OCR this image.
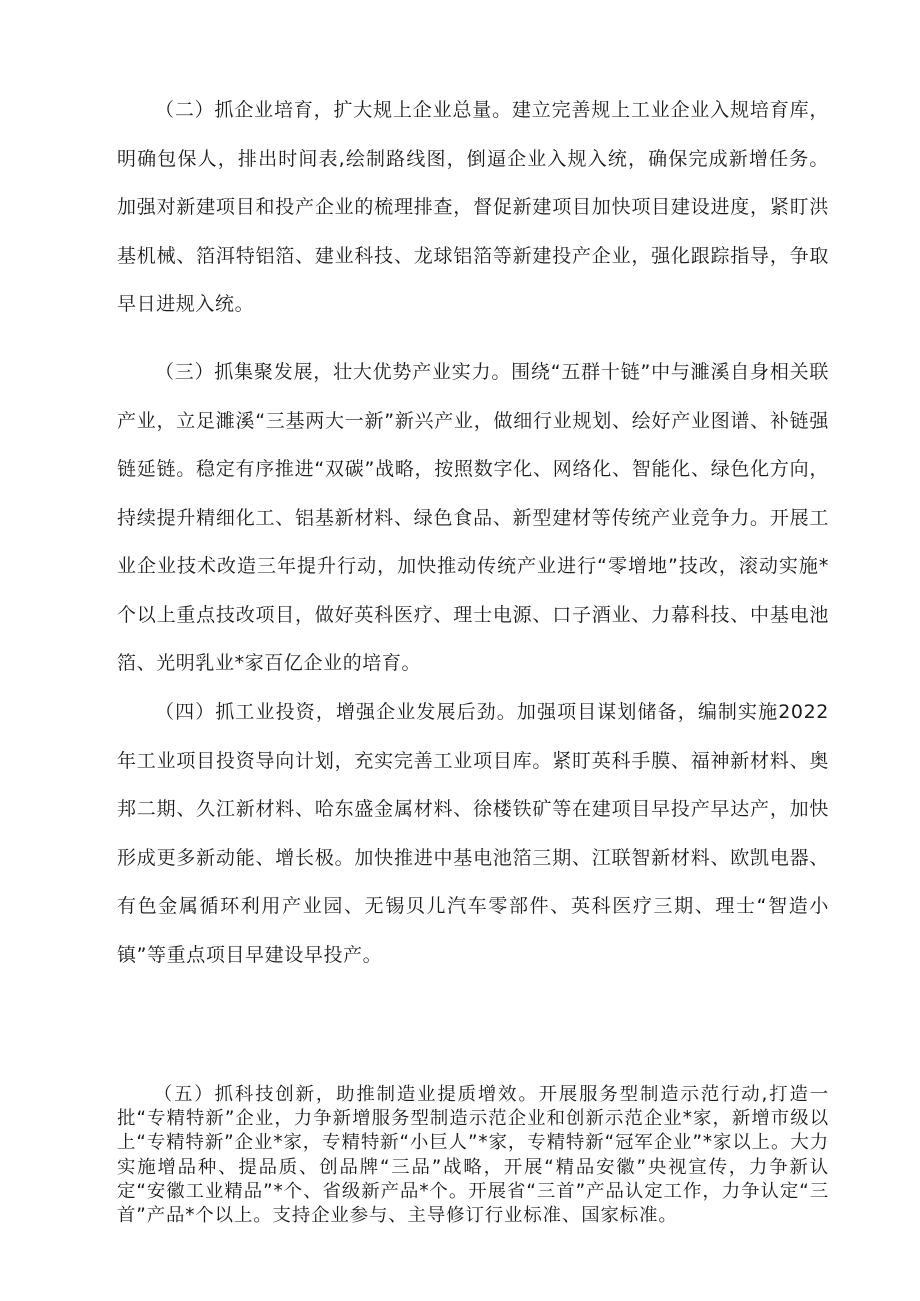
（二）抓企业培育，扩大规上企业总量。建立完善规上工业企业入规培育库，明确包保人，排出时间表,绘制路线图，倒逼企业入规入统，确保完成新增任务。加强对新建项目和投产企业的梳理排查，督促新建项目加快项目建设进度，紧盯洪基机械、箔洱特铝箔、建业科技、龙球铝箔等新建投产企业，强化跟踪指导，争取早日进规入统。

（三）抓集聚发展，壮大优势产业实力。围绕“五群十链”中与濉溪自身相关联产业，立足濉溪“三基两大一新”新兴产业，做细行业规划、绘好产业图谱、补链强链延链。稳定有序推进“双碳”战略，按照数字化、网络化、智能化、绿色化方向，持续提升精细化工、铝基新材料、绿色食品、新型建材等传统产业竞争力。开展工业企业技术改造三年提升行动，加快推动传统产业进行“零增地”技改，滚动实施*个以上重点技改项目，做好英科医疗、理士电源、口子酒业、力幕科技、中基电池箔、光明乳业*家百亿企业的培育。

（四）抓工业投资，增强企业发展后劲。加强项目谋划储备，编制实施2022年工业项目投资导向计划，充实完善工业项目库。紧盯英科手膜、福神新材料、奥邦二期、久江新材料、哈东盛金属材料、徐楼铁矿等在建项目早投产早达产，加快形成更多新动能、增长极。加快推进中基电池箔三期、江联智新材料、欧凯电器、有色金属循环利用产业园、无锡贝儿汽车零部件、英科医疗三期、理士“智造小镇”等重点项目早建设早投产。

（五）抓科技创新，助推制造业提质增效。开展服务型制造示范行动,打造一批“专精特新”企业，力争新增服务型制造示范企业和创新示范企业*家，新增市级以上“专精特新”企业*家，专精特新“小巨人”*家，专精特新“冠军企业”*家以上。大力实施增品种、提品质、创品牌“三品”战略，开展“精品安徽”央视宣传，力争新认定“安徽工业精品”*个、省级新产品*个。开展省“三首”产品认定工作，力争认定“三首”产品*个以上。支持企业参与、主导修订行业标准、国家标准。
